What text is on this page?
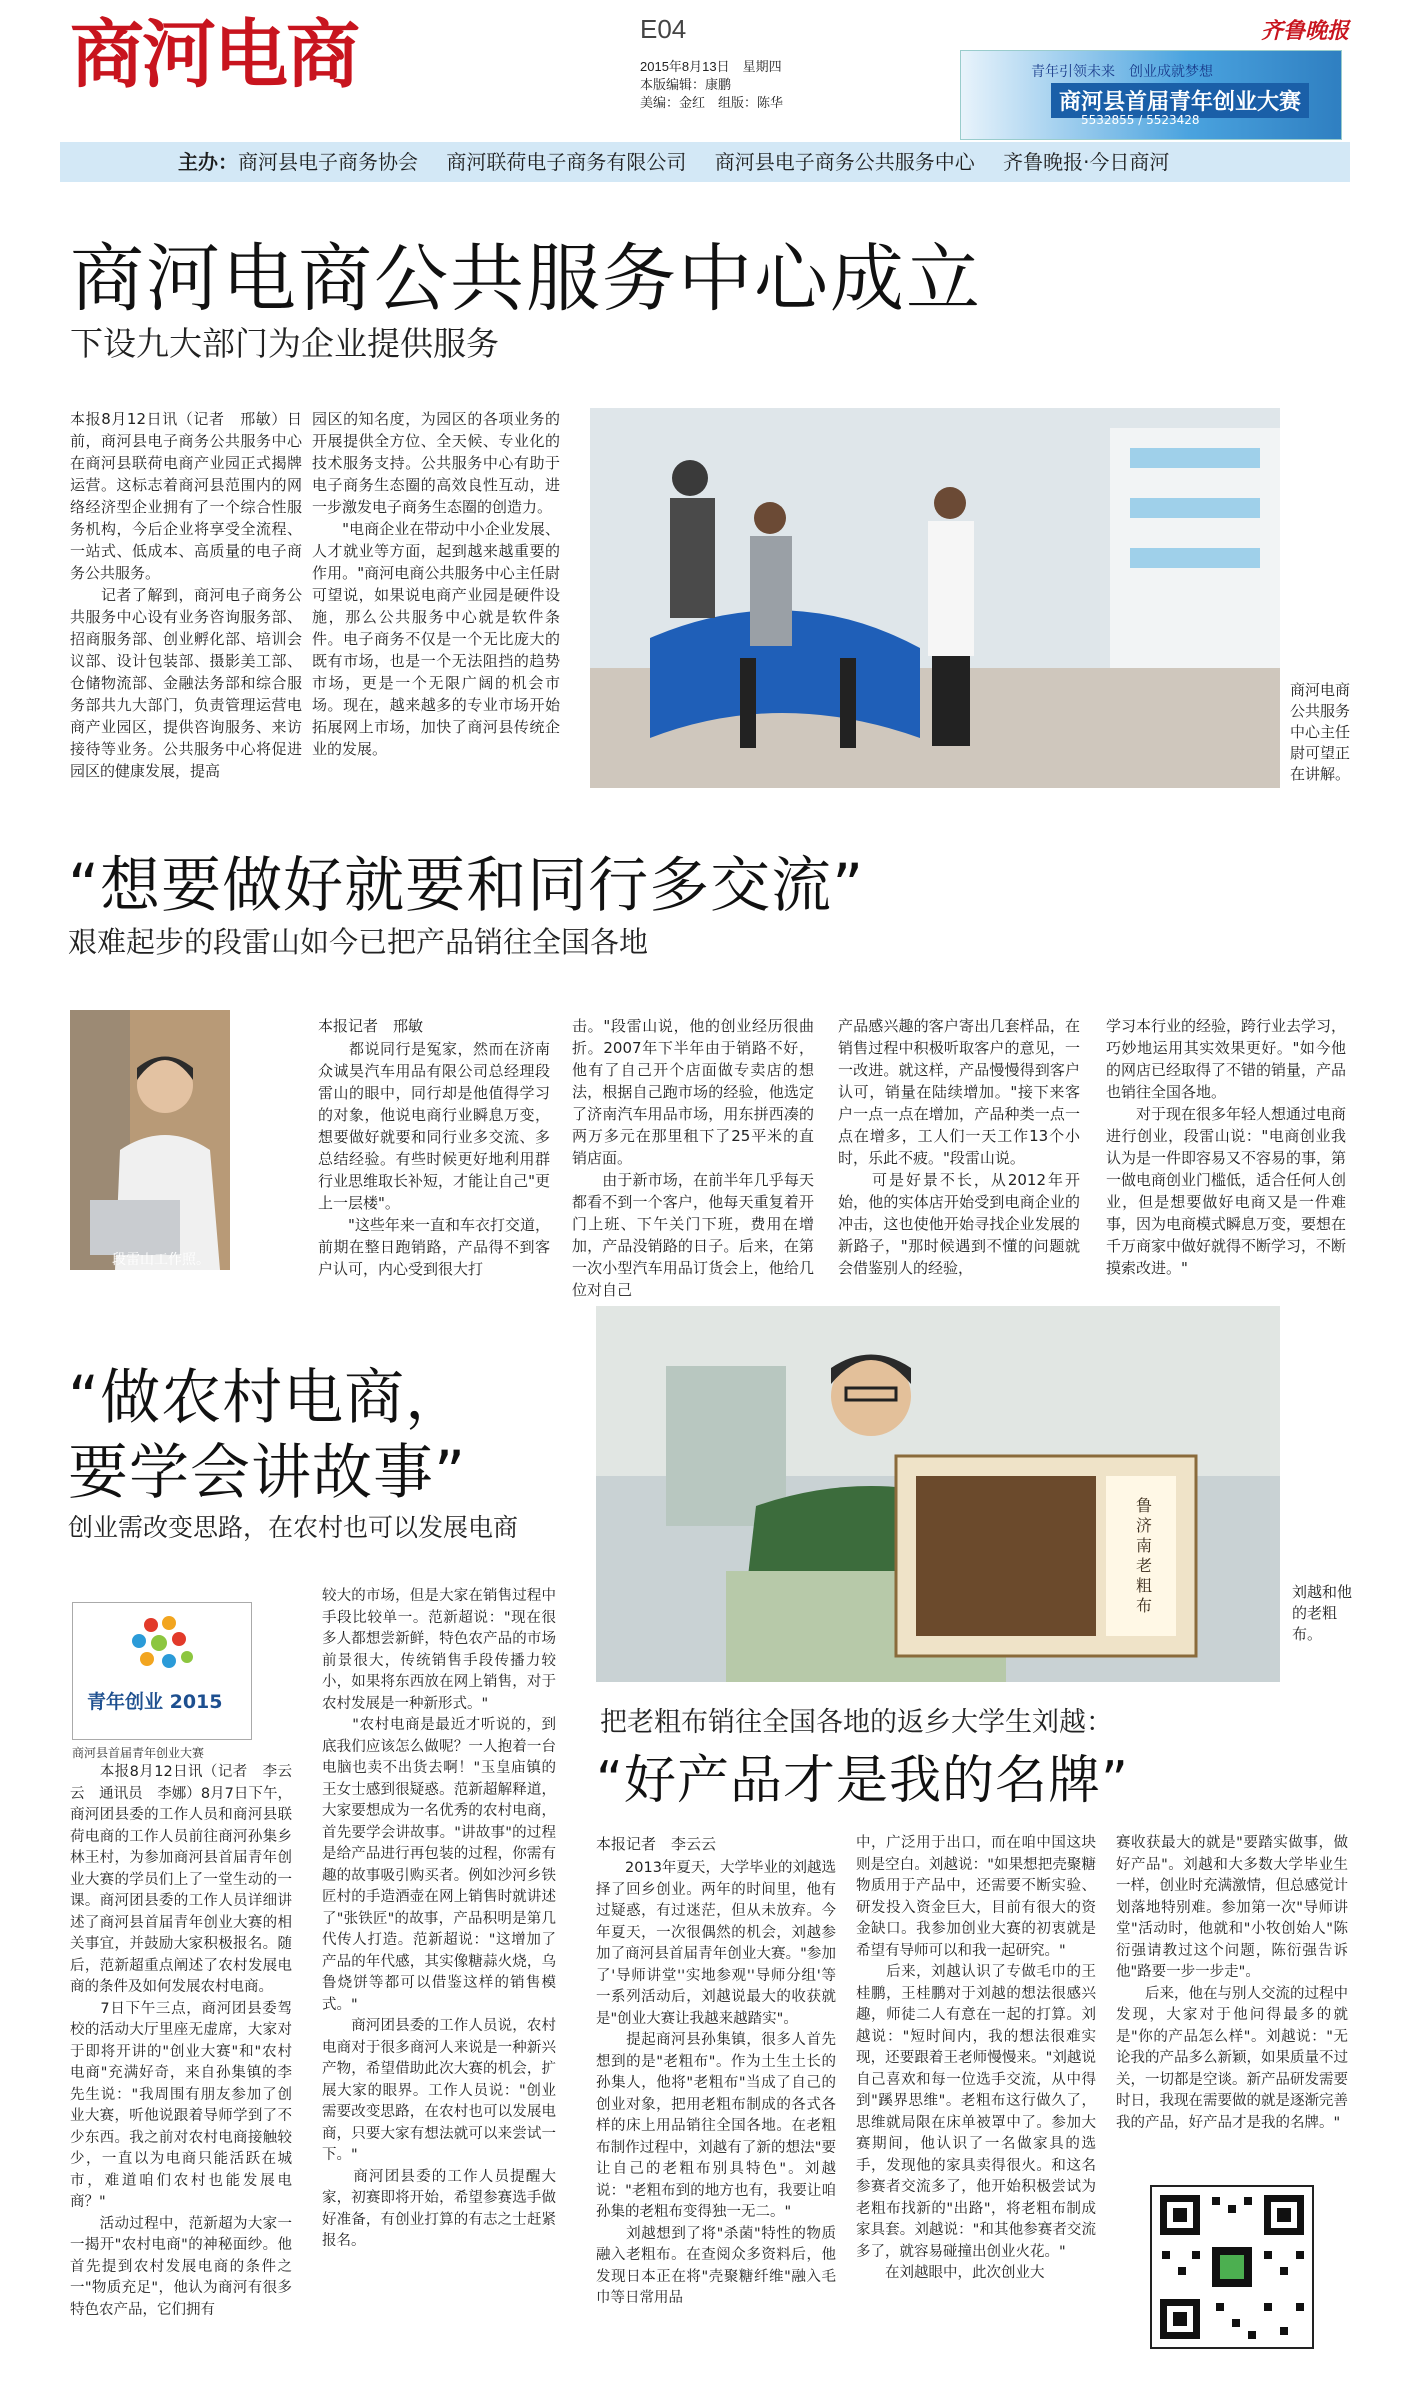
商河电商	E04
2015年8月13日　星期四
本版编辑：康鹏
美编：金红　组版：陈华
齐鲁晚报
青年引领未来　创业成就梦想
商河县首届青年创业大赛
5532855 / 5523428
主办：商河县电子商务协会 商河联荷电子商务有限公司 商河县电子商务公共服务中心 齐鲁晚报·今日商河
商河电商公共服务中心成立
下设九大部门为企业提供服务
本报8月12日讯（记者　邢敏）日前，商河县电子商务公共服务中心在商河县联荷电商产业园正式揭牌运营。这标志着商河县范围内的网络经济型企业拥有了一个综合性服务机构，今后企业将享受全流程、一站式、低成本、高质量的电子商务公共服务。
　　记者了解到，商河电子商务公共服务中心设有业务咨询服务部、招商服务部、创业孵化部、培训会议部、设计包装部、摄影美工部、仓储物流部、金融法务部和综合服务部共九大部门，负责管理运营电商产业园区，提供咨询服务、来访接待等业务。公共服务中心将促进园区的健康发展，提高
园区的知名度，为园区的各项业务的开展提供全方位、全天候、专业化的技术服务支持。公共服务中心有助于电子商务生态圈的高效良性互动，进一步激发电子商务生态圈的创造力。
　　"电商企业在带动中小企业发展、人才就业等方面，起到越来越重要的作用。"商河电商公共服务中心主任尉可望说，如果说电商产业园是硬件设施，那么公共服务中心就是软件条件。电子商务不仅是一个无比庞大的既有市场，也是一个无法阻挡的趋势市场，更是一个无限广阔的机会市场。现在，越来越多的专业市场开始拓展网上市场，加快了商河县传统企业的发展。
商河电商公共服务中心主任尉可望正在讲解。
“想要做好就要和同行多交流”
艰难起步的段雷山如今已把产品销往全国各地
段雷山工作照。
本报记者　邢敏
　　都说同行是冤家，然而在济南众诚昊汽车用品有限公司总经理段雷山的眼中，同行却是他值得学习的对象，他说电商行业瞬息万变，想要做好就要和同行业多交流、多总结经验。有些时候更好地利用群行业思维取长补短，才能让自己"更上一层楼"。
　　"这些年来一直和车衣打交道，前期在整日跑销路，产品得不到客户认可，内心受到很大打
击。"段雷山说，他的创业经历很曲折。2007年下半年由于销路不好，他有了自己开个店面做专卖店的想法，根据自己跑市场的经验，他选定了济南汽车用品市场，用东拼西凑的两万多元在那里租下了25平米的直销店面。
　　由于新市场，在前半年几乎每天都看不到一个客户，他每天重复着开门上班、下午关门下班，费用在增加，产品没销路的日子。后来，在第一次小型汽车用品订货会上，他给几位对自己
产品感兴趣的客户寄出几套样品，在销售过程中积极听取客户的意见，一一改进。就这样，产品慢慢得到客户认可，销量在陆续增加。"接下来客户一点一点在增加，产品种类一点一点在增多，工人们一天工作13个小时，乐此不疲。"段雷山说。
　　可是好景不长，从2012年开始，他的实体店开始受到电商企业的冲击，这也使他开始寻找企业发展的新路子，"那时候遇到不懂的问题就会借鉴别人的经验，
学习本行业的经验，跨行业去学习，巧妙地运用其实效果更好。"如今他的网店已经取得了不错的销量，产品也销往全国各地。
　　对于现在很多年轻人想通过电商进行创业，段雷山说："电商创业我认为是一件即容易又不容易的事，第一做电商创业门槛低，适合任何人创业，但是想要做好电商又是一件难事，因为电商模式瞬息万变，要想在千万商家中做好就得不断学习，不断摸索改进。"
“做农村电商，
要学会讲故事”
创业需改变思路，在农村也可以发展电商
青年创业 2015
商河县首届青年创业大赛
　　本报8月12日讯（记者　李云云　通讯员　李娜）8月7日下午，商河团县委的工作人员和商河县联荷电商的工作人员前往商河孙集乡林王村，为参加商河县首届青年创业大赛的学员们上了一堂生动的一课。商河团县委的工作人员详细讲述了商河县首届青年创业大赛的相关事宜，并鼓励大家积极报名。随后，范新超重点阐述了农村发展电商的条件及如何发展农村电商。
　　7日下午三点，商河团县委驾校的活动大厅里座无虚席，大家对于即将开讲的"创业大赛"和"农村电商"充满好奇，来自孙集镇的李先生说："我周围有朋友参加了创业大赛，听他说跟着导师学到了不少东西。我之前对农村电商接触较少，一直以为电商只能活跃在城市，难道咱们农村也能发展电商？"
　　活动过程中，范新超为大家一一揭开"农村电商"的神秘面纱。他首先提到农村发展电商的条件之一"物质充足"，他认为商河有很多特色农产品，它们拥有
较大的市场，但是大家在销售过程中手段比较单一。范新超说："现在很多人都想尝新鲜，特色农产品的市场前景很大，传统销售手段传播力较小，如果将东西放在网上销售，对于农村发展是一种新形式。"
　　"农村电商是最近才听说的，到底我们应该怎么做呢？一人抱着一台电脑也卖不出货去啊！"玉皇庙镇的王女士感到很疑惑。范新超解释道，大家要想成为一名优秀的农村电商，首先要学会讲故事。"讲故事"的过程是给产品进行再包装的过程，你需有趣的故事吸引购买者。例如沙河乡铁匠村的手造酒壶在网上销售时就讲述了"张铁匠"的故事，产品积明是第几代传人打造。范新超说："这增加了产品的年代感，其实像糖蒜火烧，乌鲁烧饼等都可以借鉴这样的销售模式。"
　　商河团县委的工作人员说，农村电商对于很多商河人来说是一种新兴产物，希望借助此次大赛的机会，扩展大家的眼界。工作人员说："创业需要改变思路，在农村也可以发展电商，只要大家有想法就可以来尝试一下。"
　　商河团县委的工作人员提醒大家，初赛即将开始，希望参赛选手做好准备，有创业打算的有志之士赶紧报名。
鲁 济南老粗布
刘越和他的老粗布。
把老粗布销往全国各地的返乡大学生刘越：
“好产品才是我的名牌”
本报记者　李云云
　　2013年夏天，大学毕业的刘越选择了回乡创业。两年的时间里，他有过疑惑，有过迷茫，但从未放弃。今年夏天，一次很偶然的机会，刘越参加了商河县首届青年创业大赛。"参加了'导师讲堂''实地参观''导师分组'等一系列活动后，刘越说最大的收获就是"创业大赛让我越来越踏实"。
　　提起商河县孙集镇，很多人首先想到的是"老粗布"。作为土生土长的孙集人，他将"老粗布"当成了自己的创业对象，把用老粗布制成的各式各样的床上用品销往全国各地。在老粗布制作过程中，刘越有了新的想法"要让自己的老粗布别具特色"。刘越说："老粗布到的地方也有，我要让咱孙集的老粗布变得独一无二。"
　　刘越想到了将"杀菌"特性的物质融入老粗布。在查阅众多资料后，他发现日本正在将"壳聚糖纤维"融入毛巾等日常用品
中，广泛用于出口，而在咱中国这块则是空白。刘越说："如果想把壳聚糖物质用于产品中，还需要不断实验、研发投入资金巨大，目前有很大的资金缺口。我参加创业大赛的初衷就是希望有导师可以和我一起研究。"
　　后来，刘越认识了专做毛巾的王桂鹏，王桂鹏对于刘越的想法很感兴趣，师徒二人有意在一起的打算。刘越说："短时间内，我的想法很难实现，还要跟着王老师慢慢来。"刘越说自己喜欢和每一位选手交流，从中得到"蹊界思维"。老粗布这行做久了，思维就局限在床单被罩中了。参加大赛期间，他认识了一名做家具的选手，发现他的家具卖得很火。和这名参赛者交流多了，他开始积极尝试为老粗布找新的"出路"，将老粗布制成家具套。刘越说："和其他参赛者交流多了，就容易碰撞出创业火花。"
　　在刘越眼中，此次创业大
赛收获最大的就是"要踏实做事，做好产品"。刘越和大多数大学毕业生一样，创业时充满激情，但总感觉计划落地特别难。参加第一次"导师讲堂"活动时，他就和"小牧创始人"陈衍强请教过这个问题，陈衍强告诉他"路要一步一步走"。
　　后来，他在与别人交流的过程中发现，大家对于他问得最多的就是"你的产品怎么样"。刘越说："无论我的产品多么新颖，如果质量不过关，一切都是空谈。新产品研发需要时日，我现在需要做的就是逐渐完善我的产品，好产品才是我的名牌。"
